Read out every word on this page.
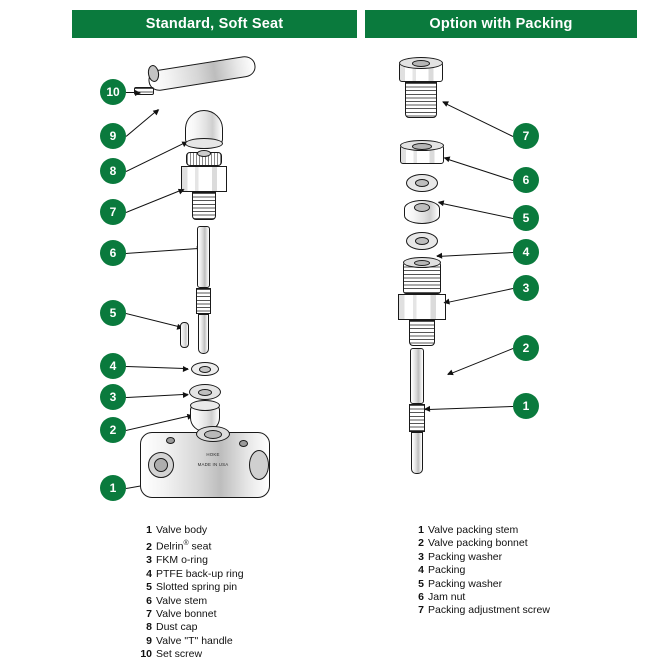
Standard, Soft Seat	Option with Packing
HOKE
MADE IN USA
10
9
8
7
6
5
4
3
2
1
7
6
5
4
3
2
1
1 Valve body
2 Delrin® seat
3 FKM o-ring
4 PTFE back-up ring
5 Slotted spring pin
6 Valve stem
7 Valve bonnet
8 Dust cap
9 Valve "T" handle
10 Set screw
1 Valve packing stem
2 Valve packing bonnet
3 Packing washer
4 Packing
5 Packing washer
6 Jam nut
7 Packing adjustment screw
